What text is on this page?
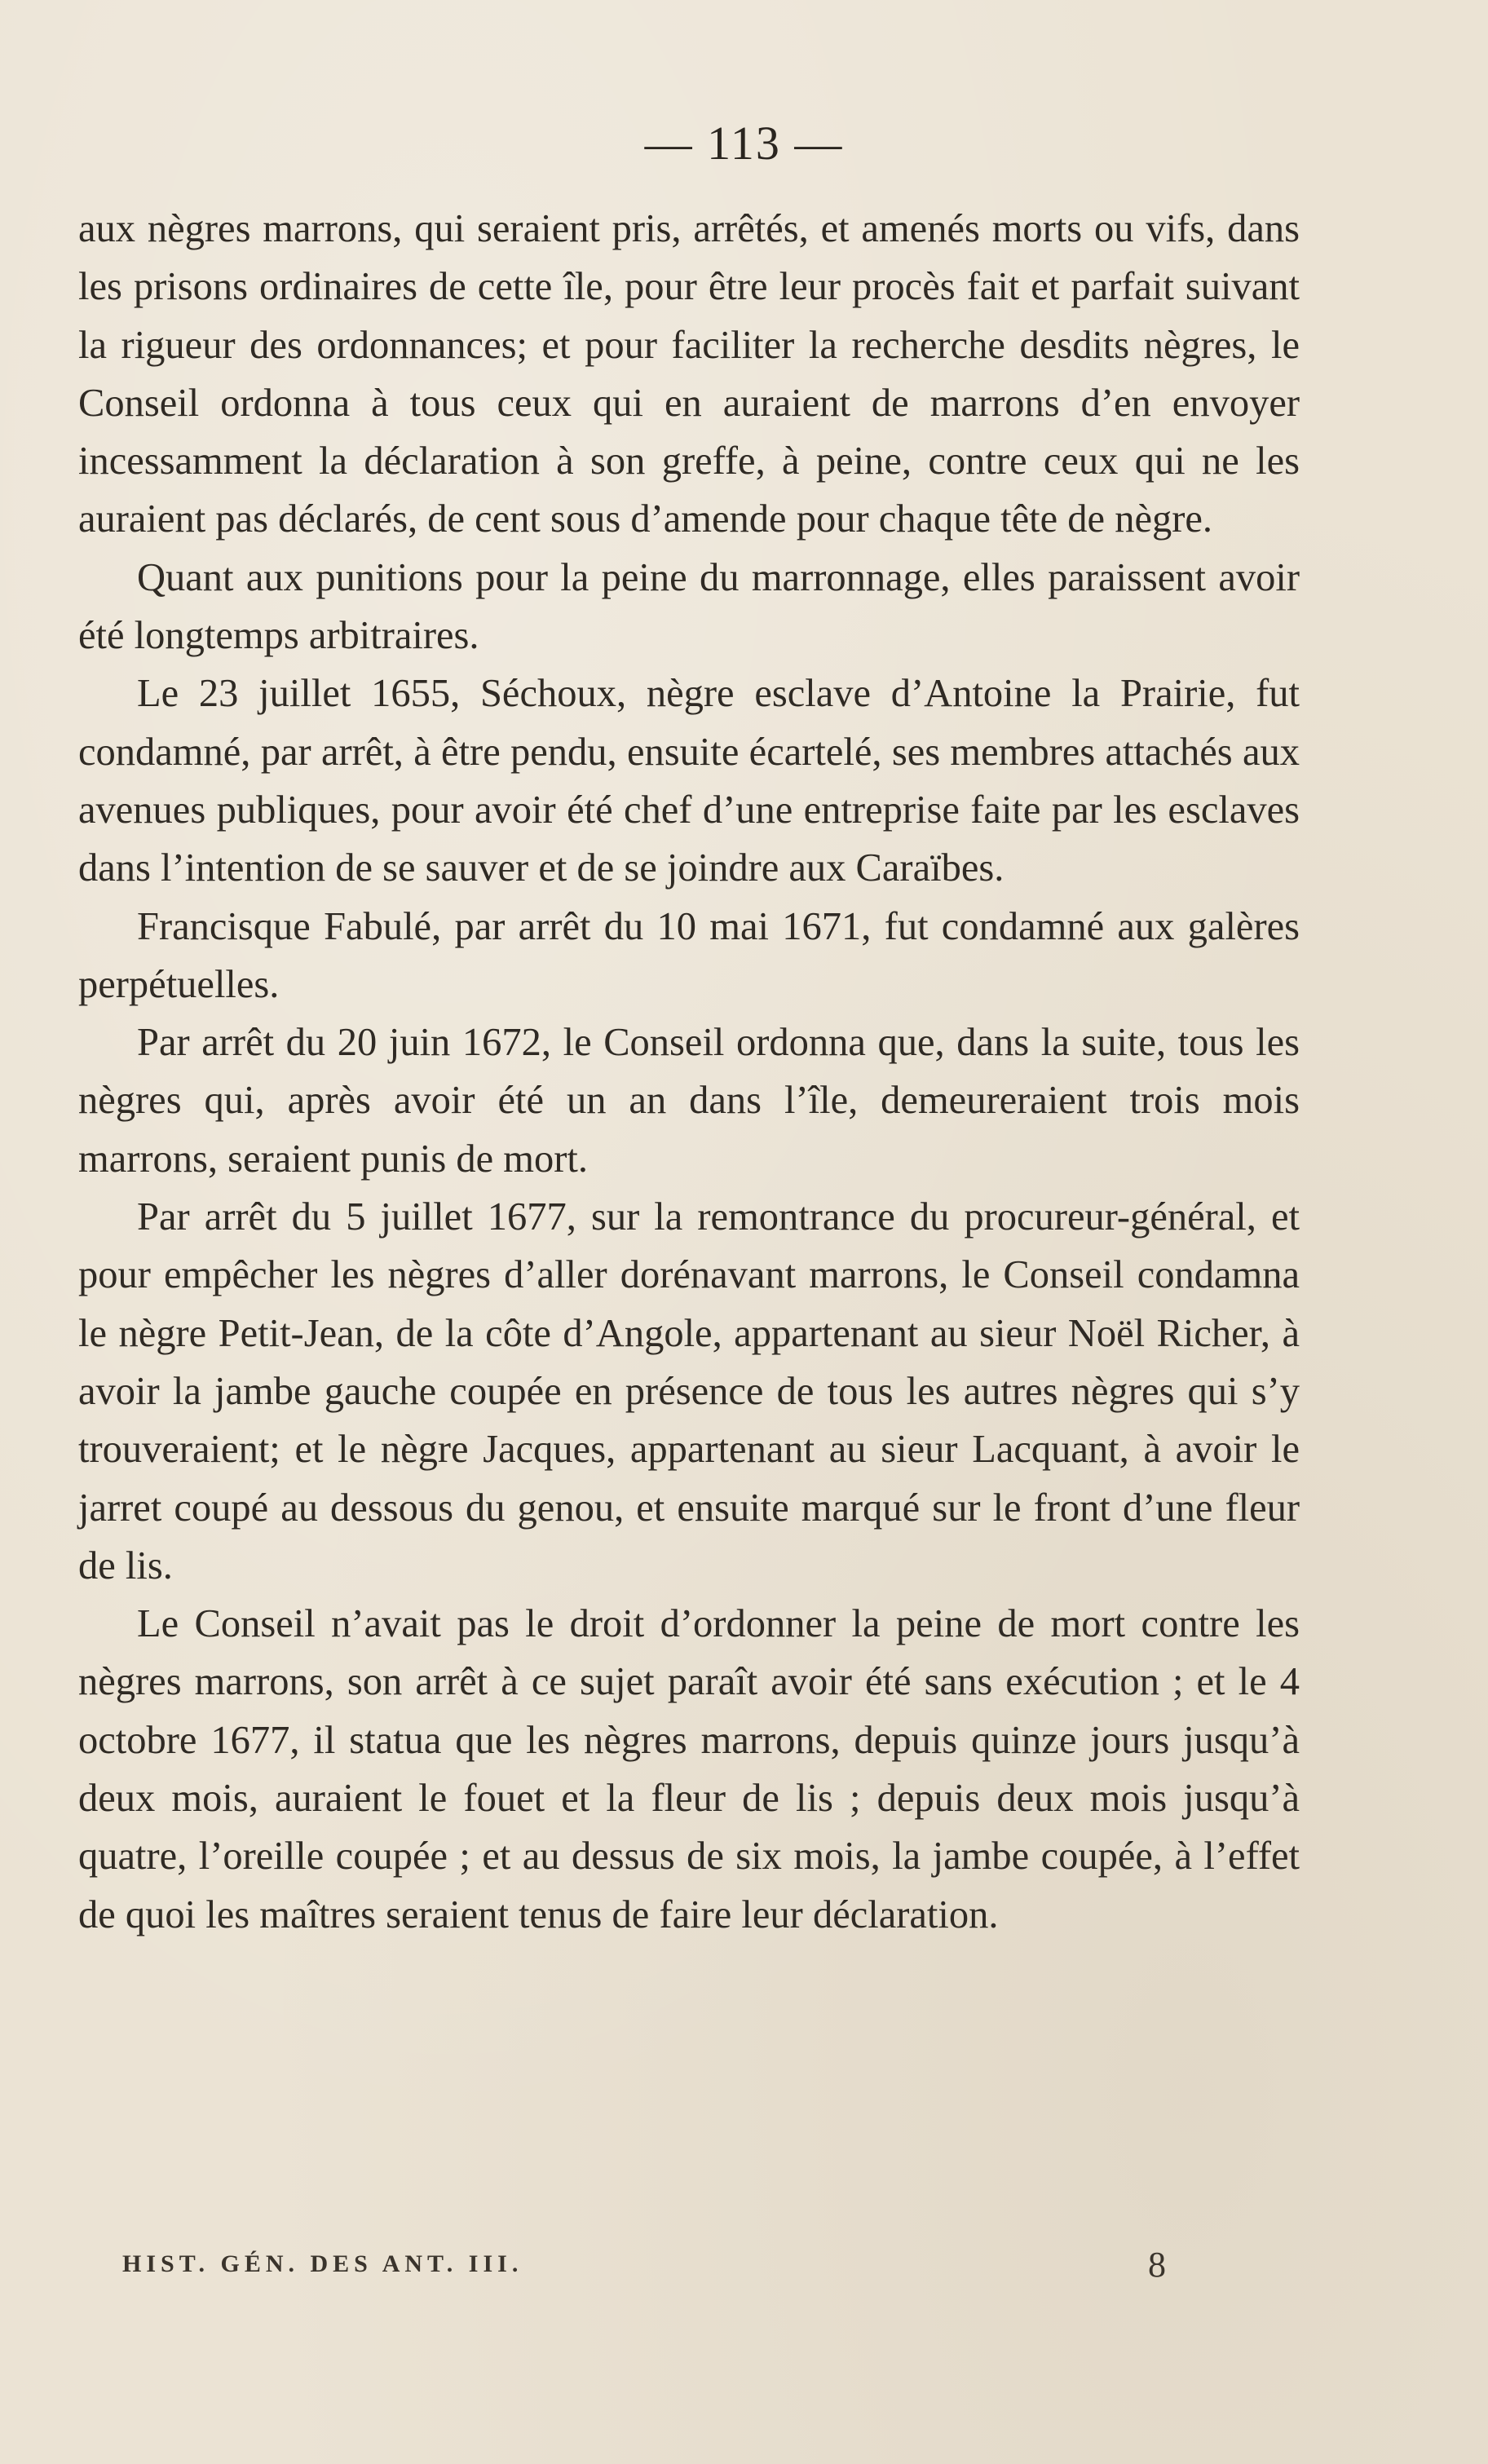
— 113 —

aux nègres marrons, qui seraient pris, arrêtés, et amenés morts ou vifs, dans les prisons ordinaires de cette île, pour être leur procès fait et parfait suivant la rigueur des ordonnances; et pour faciliter la recherche desdits nègres, le Conseil ordonna à tous ceux qui en auraient de marrons d’en envoyer incessamment la déclaration à son greffe, à peine, contre ceux qui ne les auraient pas déclarés, de cent sous d’amende pour chaque tête de nègre.

Quant aux punitions pour la peine du marronnage, elles paraissent avoir été longtemps arbitraires.

Le 23 juillet 1655, Séchoux, nègre esclave d’Antoine la Prairie, fut condamné, par arrêt, à être pendu, ensuite écartelé, ses membres attachés aux avenues publiques, pour avoir été chef d’une entreprise faite par les esclaves dans l’intention de se sauver et de se joindre aux Caraïbes.

Francisque Fabulé, par arrêt du 10 mai 1671, fut condamné aux galères perpétuelles.

Par arrêt du 20 juin 1672, le Conseil ordonna que, dans la suite, tous les nègres qui, après avoir été un an dans l’île, demeureraient trois mois marrons, seraient punis de mort.

Par arrêt du 5 juillet 1677, sur la remontrance du procureur-général, et pour empêcher les nègres d’aller dorénavant marrons, le Conseil condamna le nègre Petit-Jean, de la côte d’Angole, appartenant au sieur Noël Richer, à avoir la jambe gauche coupée en présence de tous les autres nègres qui s’y trouveraient; et le nègre Jacques, appartenant au sieur Lacquant, à avoir le jarret coupé au dessous du genou, et ensuite marqué sur le front d’une fleur de lis.

Le Conseil n’avait pas le droit d’ordonner la peine de mort contre les nègres marrons, son arrêt à ce sujet paraît avoir été sans exécution ; et le 4 octobre 1677, il statua que les nègres marrons, depuis quinze jours jusqu’à deux mois, auraient le fouet et la fleur de lis ; depuis deux mois jusqu’à quatre, l’oreille coupée ; et au dessus de six mois, la jambe coupée, à l’effet de quoi les maîtres seraient tenus de faire leur déclaration.

HIST. GÉN. DES ANT. III.	8
